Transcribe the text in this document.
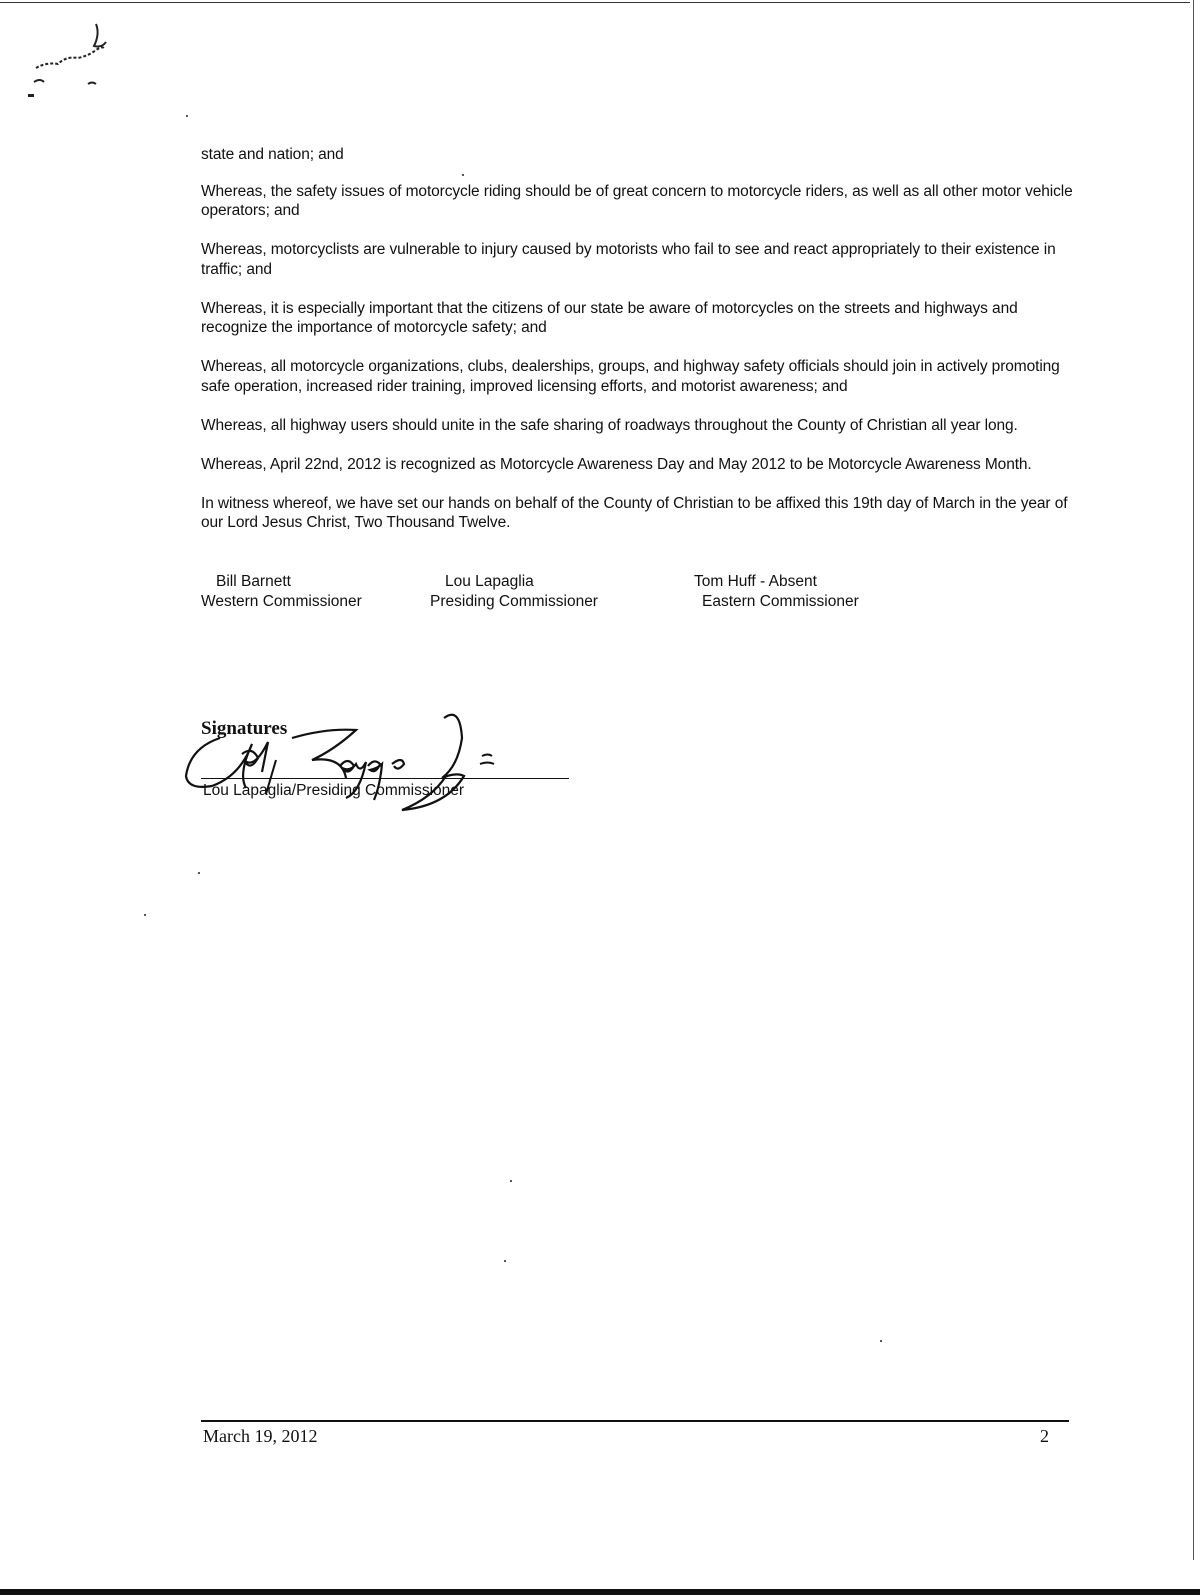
state and nation; and

Whereas, the safety issues of motorcycle riding should be of great concern to motorcycle riders, as well as all other motor vehicle operators; and

Whereas, motorcyclists are vulnerable to injury caused by motorists who fail to see and react appropriately to their existence in traffic; and

Whereas, it is especially important that the citizens of our state be aware of motorcycles on the streets and highways and recognize the importance of motorcycle safety; and

Whereas, all motorcycle organizations, clubs, dealerships, groups, and highway safety officials should join in actively promoting safe operation, increased rider training, improved licensing efforts, and motorist awareness; and

Whereas, all highway users should unite in the safe sharing of roadways throughout the County of Christian all year long.

Whereas, April 22nd, 2012 is recognized as Motorcycle Awareness Day and May 2012 to be Motorcycle Awareness Month.

In witness whereof, we have set our hands on behalf of the County of Christian to be affixed this 19th day of March in the year of our Lord Jesus Christ, Two Thousand Twelve.

Bill Barnett	Lou Lapaglia	Tom Huff - Absent
Western Commissioner	Presiding Commissioner	Eastern Commissioner
Signatures
Lou Lapaglia/Presiding Commissioner
March 19, 2012	2
